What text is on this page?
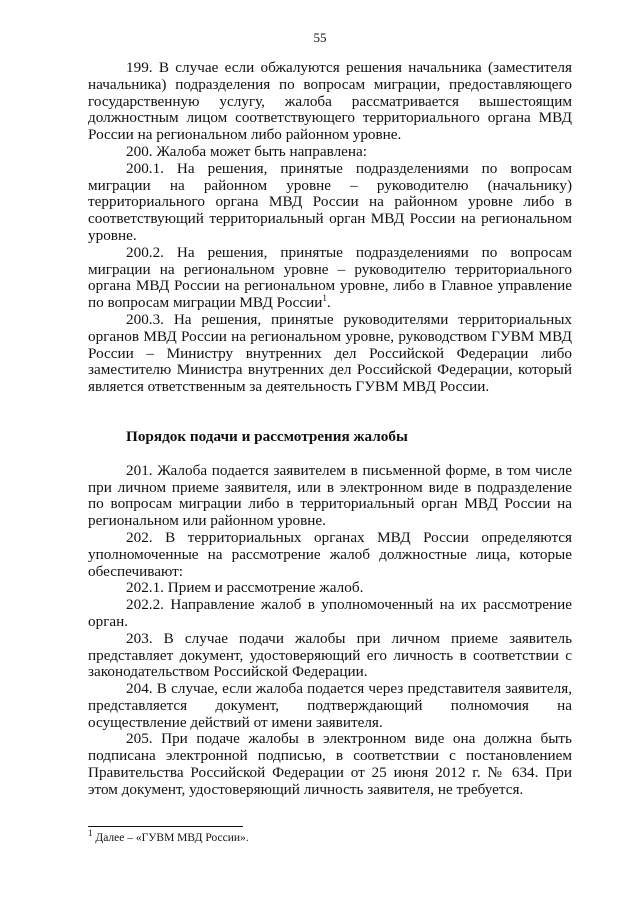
55

199. В случае если обжалуются решения начальника (заместителя начальника) подразделения по вопросам миграции, предоставляющего государственную услугу, жалоба рассматривается вышестоящим должностным лицом соответствующего территориального органа МВД России на региональном либо районном уровне.

200. Жалоба может быть направлена:

200.1. На решения, принятые подразделениями по вопросам миграции на районном уровне – руководителю (начальнику) территориального органа МВД России на районном уровне либо в соответствующий территориальный орган МВД России на региональном уровне.

200.2. На решения, принятые подразделениями по вопросам миграции на региональном уровне – руководителю территориального органа МВД России на региональном уровне, либо в Главное управление по вопросам миграции МВД России$^1$.

200.3. На решения, принятые руководителями территориальных органов МВД России на региональном уровне, руководством ГУВМ МВД России – Министру внутренних дел Российской Федерации либо заместителю Министра внутренних дел Российской Федерации, который является ответственным за деятельность ГУВМ МВД России.

Порядок подачи и рассмотрения жалобы

201. Жалоба подается заявителем в письменной форме, в том числе при личном приеме заявителя, или в электронном виде в подразделение по вопросам миграции либо в территориальный орган МВД России на региональном или районном уровне.

202. В территориальных органах МВД России определяются уполномоченные на рассмотрение жалоб должностные лица, которые обеспечивают:

202.1. Прием и рассмотрение жалоб.

202.2. Направление жалоб в уполномоченный на их рассмотрение орган.

203. В случае подачи жалобы при личном приеме заявитель представляет документ, удостоверяющий его личность в соответствии с законодательством Российской Федерации.

204. В случае, если жалоба подается через представителя заявителя, представляется документ, подтверждающий полномочия на осуществление действий от имени заявителя.

205. При подаче жалобы в электронном виде она должна быть подписана электронной подписью, в соответствии с постановлением Правительства Российской Федерации от 25 июня 2012 г. № 634. При этом документ, удостоверяющий личность заявителя, не требуется.

$^1$ Далее – «ГУВМ МВД России».
